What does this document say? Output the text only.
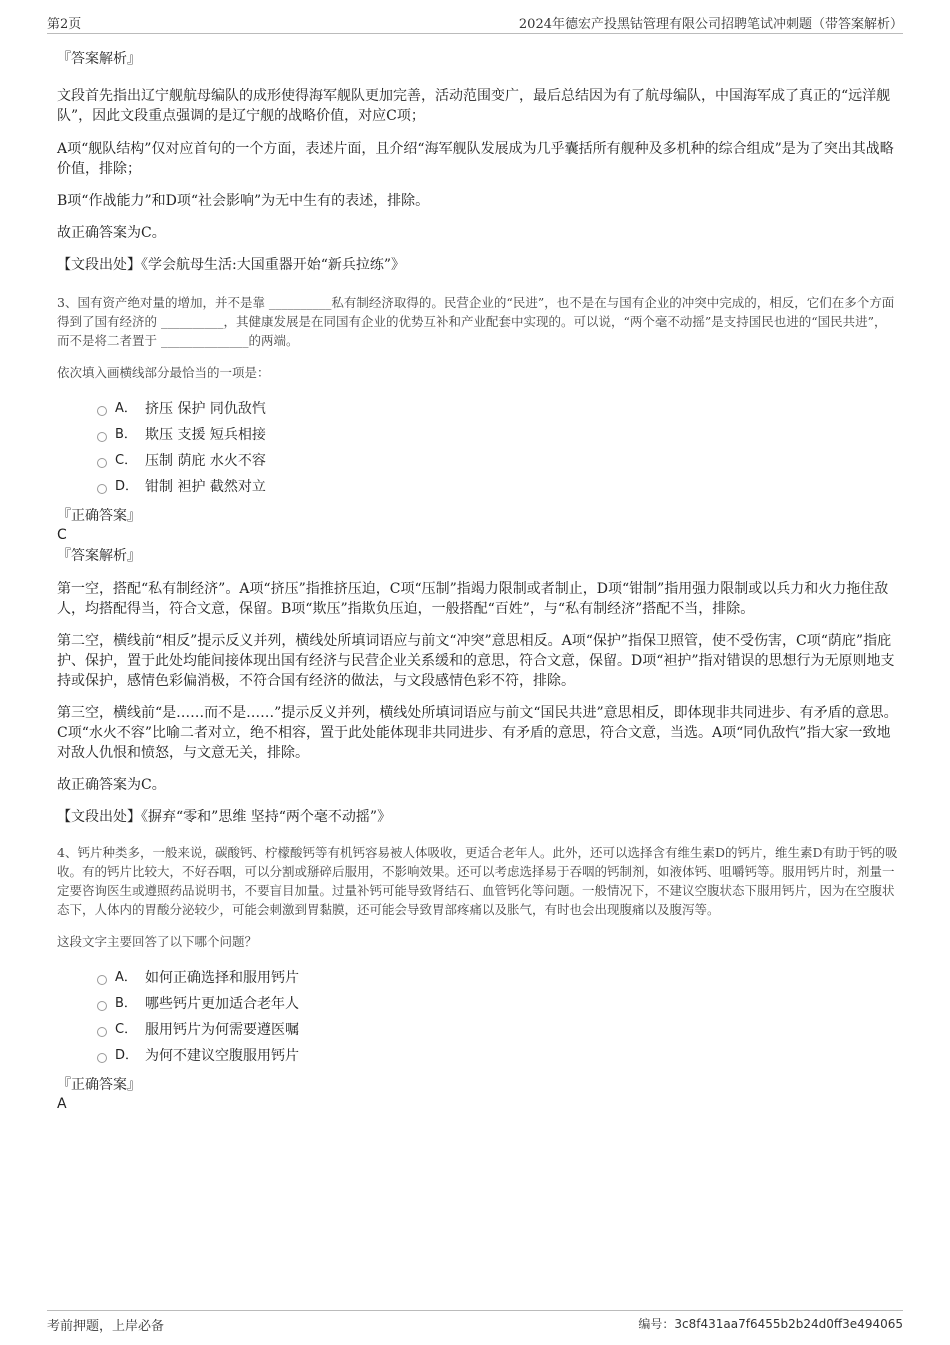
第2页	2024年德宏产投黑钴管理有限公司招聘笔试冲刺题（带答案解析）

『答案解析』

文段首先指出辽宁舰航母编队的成形使得海军舰队更加完善，活动范围变广，最后总结因为有了航母编队，中国海军成了真正的“远洋舰队”，因此文段重点强调的是辽宁舰的战略价值，对应C项；

A项“舰队结构”仅对应首句的一个方面，表述片面，且介绍“海军舰队发展成为几乎囊括所有舰种及多机种的综合组成”是为了突出其战略价值，排除；

B项“作战能力”和D项“社会影响”为无中生有的表述，排除。

故正确答案为C。

【文段出处】《学会航母生活:大国重器开始“新兵拉练”》

3、国有资产绝对量的增加，并不是靠 __________私有制经济取得的。民营企业的“民进”，也不是在与国有企业的冲突中完成的，相反，它们在多个方面得到了国有经济的 __________，其健康发展是在同国有企业的优势互补和产业配套中实现的。可以说，“两个毫不动摇”是支持国民也进的“国民共进”，而不是将二者置于 ______________的两端。

依次填入画横线部分最恰当的一项是：

A． 挤压 保护 同仇敌忾
B． 欺压 支援 短兵相接
C． 压制 荫庇 水火不容
D． 钳制 袒护 截然对立

『正确答案』

C

『答案解析』

第一空，搭配“私有制经济”。A项“挤压”指推挤压迫，C项“压制”指竭力限制或者制止，D项“钳制”指用强力限制或以兵力和火力拖住敌人，均搭配得当，符合文意，保留。B项“欺压”指欺负压迫，一般搭配“百姓”，与“私有制经济”搭配不当，排除。

第二空，横线前“相反”提示反义并列，横线处所填词语应与前文“冲突”意思相反。A项“保护”指保卫照管，使不受伤害，C项“荫庇”指庇护、保护，置于此处均能间接体现出国有经济与民营企业关系缓和的意思，符合文意，保留。D项“袒护”指对错误的思想行为无原则地支持或保护，感情色彩偏消极，不符合国有经济的做法，与文段感情色彩不符，排除。

第三空，横线前“是……而不是……”提示反义并列，横线处所填词语应与前文“国民共进”意思相反，即体现非共同进步、有矛盾的意思。C项“水火不容”比喻二者对立，绝不相容，置于此处能体现非共同进步、有矛盾的意思，符合文意，当选。A项“同仇敌忾”指大家一致地对敌人仇恨和愤怒，与文意无关，排除。

故正确答案为C。

【文段出处】《摒弃“零和”思维 坚持“两个毫不动摇”》

4、钙片种类多，一般来说，碳酸钙、柠檬酸钙等有机钙容易被人体吸收，更适合老年人。此外，还可以选择含有维生素D的钙片，维生素D有助于钙的吸收。有的钙片比较大，不好吞咽，可以分割或掰碎后服用，不影响效果。还可以考虑选择易于吞咽的钙制剂，如液体钙、咀嚼钙等。服用钙片时，剂量一定要咨询医生或遵照药品说明书，不要盲目加量。过量补钙可能导致肾结石、血管钙化等问题。一般情况下，不建议空腹状态下服用钙片，因为在空腹状态下，人体内的胃酸分泌较少，可能会刺激到胃黏膜，还可能会导致胃部疼痛以及胀气，有时也会出现腹痛以及腹泻等。

这段文字主要回答了以下哪个问题？

A． 如何正确选择和服用钙片
B． 哪些钙片更加适合老年人
C． 服用钙片为何需要遵医嘱
D． 为何不建议空腹服用钙片

『正确答案』

A

考前押题，上岸必备	编号：3c8f431aa7f6455b2b24d0ff3e494065
